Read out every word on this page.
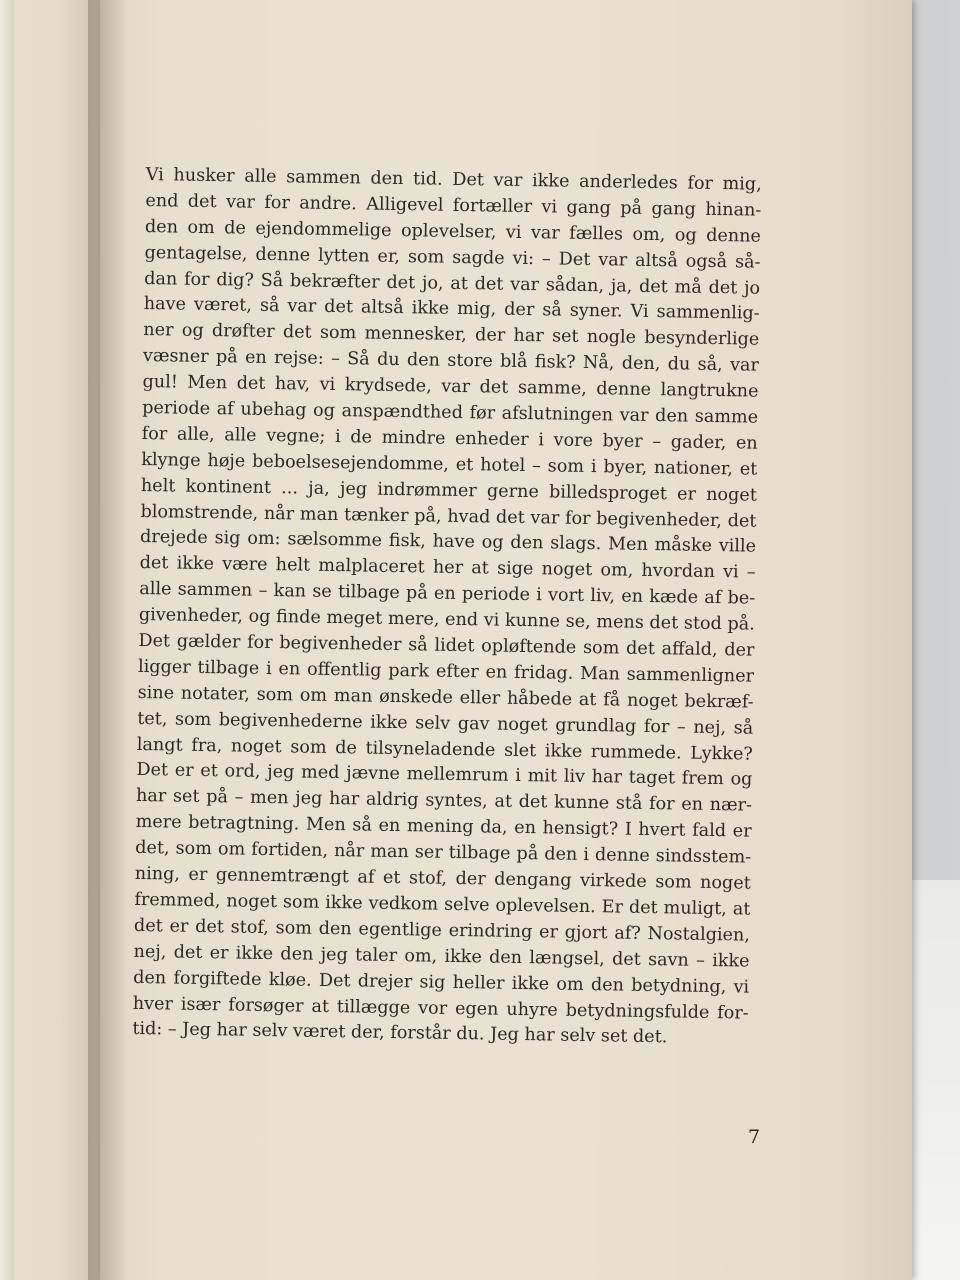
Vi husker alle sammen den tid. Det var ikke anderledes for mig,
end det var for andre. Alligevel fortæller vi gang på gang hinan-
den om de ejendommelige oplevelser, vi var fælles om, og denne
gentagelse, denne lytten er, som sagde vi: – Det var altså også så-
dan for dig? Så bekræfter det jo, at det var sådan, ja, det må det jo
have været, så var det altså ikke mig, der så syner. Vi sammenlig-
ner og drøfter det som mennesker, der har set nogle besynderlige
væsner på en rejse: – Så du den store blå fisk? Nå, den, du så, var
gul! Men det hav, vi krydsede, var det samme, denne langtrukne
periode af ubehag og anspændthed før afslutningen var den samme
for alle, alle vegne; i de mindre enheder i vore byer – gader, en
klynge høje beboelsesejendomme, et hotel – som i byer, nationer, et
helt kontinent ... ja, jeg indrømmer gerne billedsproget er noget
blomstrende, når man tænker på, hvad det var for begivenheder, det
drejede sig om: sælsomme fisk, have og den slags. Men måske ville
det ikke være helt malplaceret her at sige noget om, hvordan vi –
alle sammen – kan se tilbage på en periode i vort liv, en kæde af be-
givenheder, og finde meget mere, end vi kunne se, mens det stod på.
Det gælder for begivenheder så lidet opløftende som det affald, der
ligger tilbage i en offentlig park efter en fridag. Man sammenligner
sine notater, som om man ønskede eller håbede at få noget bekræf-
tet, som begivenhederne ikke selv gav noget grundlag for – nej, så
langt fra, noget som de tilsyneladende slet ikke rummede. Lykke?
Det er et ord, jeg med jævne mellemrum i mit liv har taget frem og
har set på – men jeg har aldrig syntes, at det kunne stå for en nær-
mere betragtning. Men så en mening da, en hensigt? I hvert fald er
det, som om fortiden, når man ser tilbage på den i denne sindsstem-
ning, er gennemtrængt af et stof, der dengang virkede som noget
fremmed, noget som ikke vedkom selve oplevelsen. Er det muligt, at
det er det stof, som den egentlige erindring er gjort af? Nostalgien,
nej, det er ikke den jeg taler om, ikke den længsel, det savn – ikke
den forgiftede kløe. Det drejer sig heller ikke om den betydning, vi
hver især forsøger at tillægge vor egen uhyre betydningsfulde for-
tid: – Jeg har selv været der, forstår du. Jeg har selv set det.
7
